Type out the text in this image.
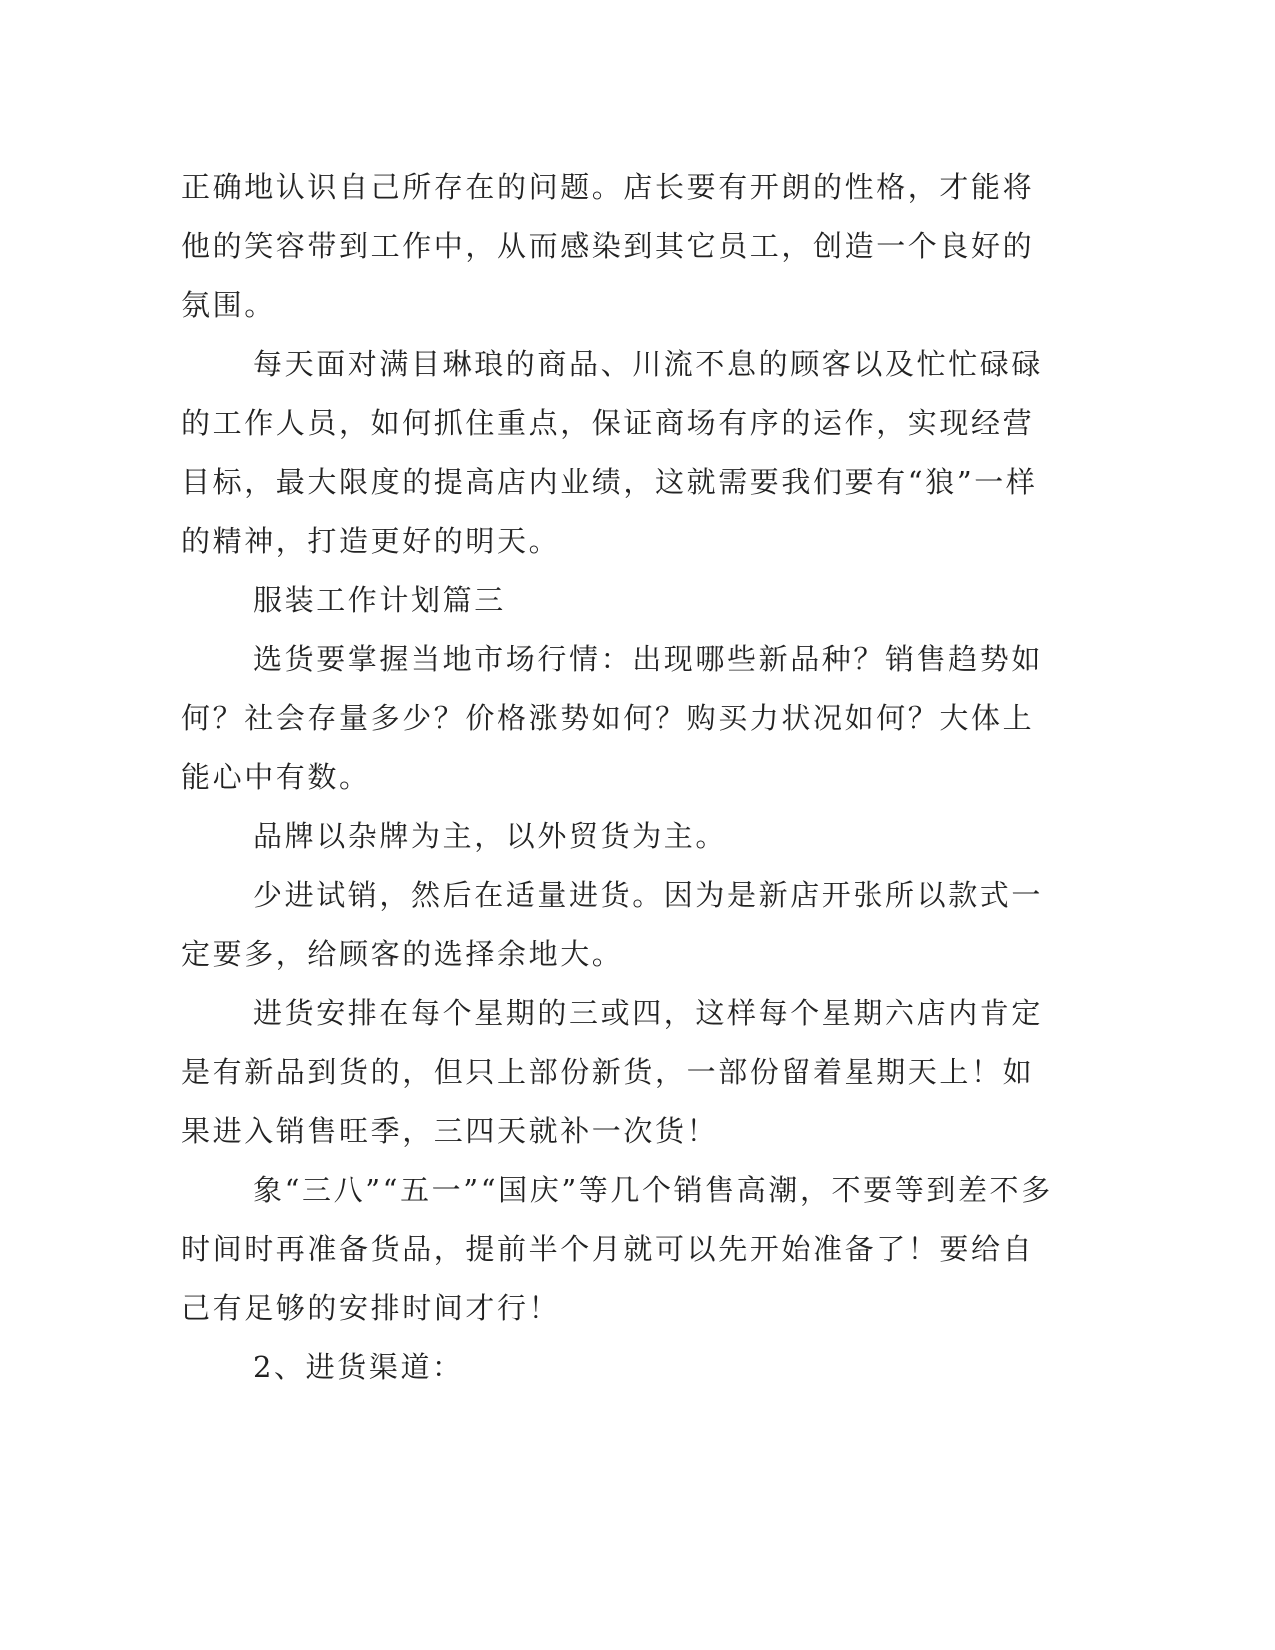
正确地认识自己所存在的问题。店长要有开朗的性格，才能将他的笑容带到工作中，从而感染到其它员工，创造一个良好的氛围。

每天面对满目琳琅的商品、川流不息的顾客以及忙忙碌碌的工作人员，如何抓住重点，保证商场有序的运作，实现经营目标，最大限度的提高店内业绩，这就需要我们要有“狼”一样的精神，打造更好的明天。

服装工作计划篇三

选货要掌握当地市场行情：出现哪些新品种？销售趋势如何？社会存量多少？价格涨势如何？购买力状况如何？大体上能心中有数。

品牌以杂牌为主，以外贸货为主。

少进试销，然后在适量进货。因为是新店开张所以款式一定要多，给顾客的选择余地大。

进货安排在每个星期的三或四，这样每个星期六店内肯定是有新品到货的，但只上部份新货，一部份留着星期天上！如果进入销售旺季，三四天就补一次货！

象“三八”“五一”“国庆”等几个销售高潮，不要等到差不多时间时再准备货品，提前半个月就可以先开始准备了！要给自己有足够的安排时间才行！

2、进货渠道：
